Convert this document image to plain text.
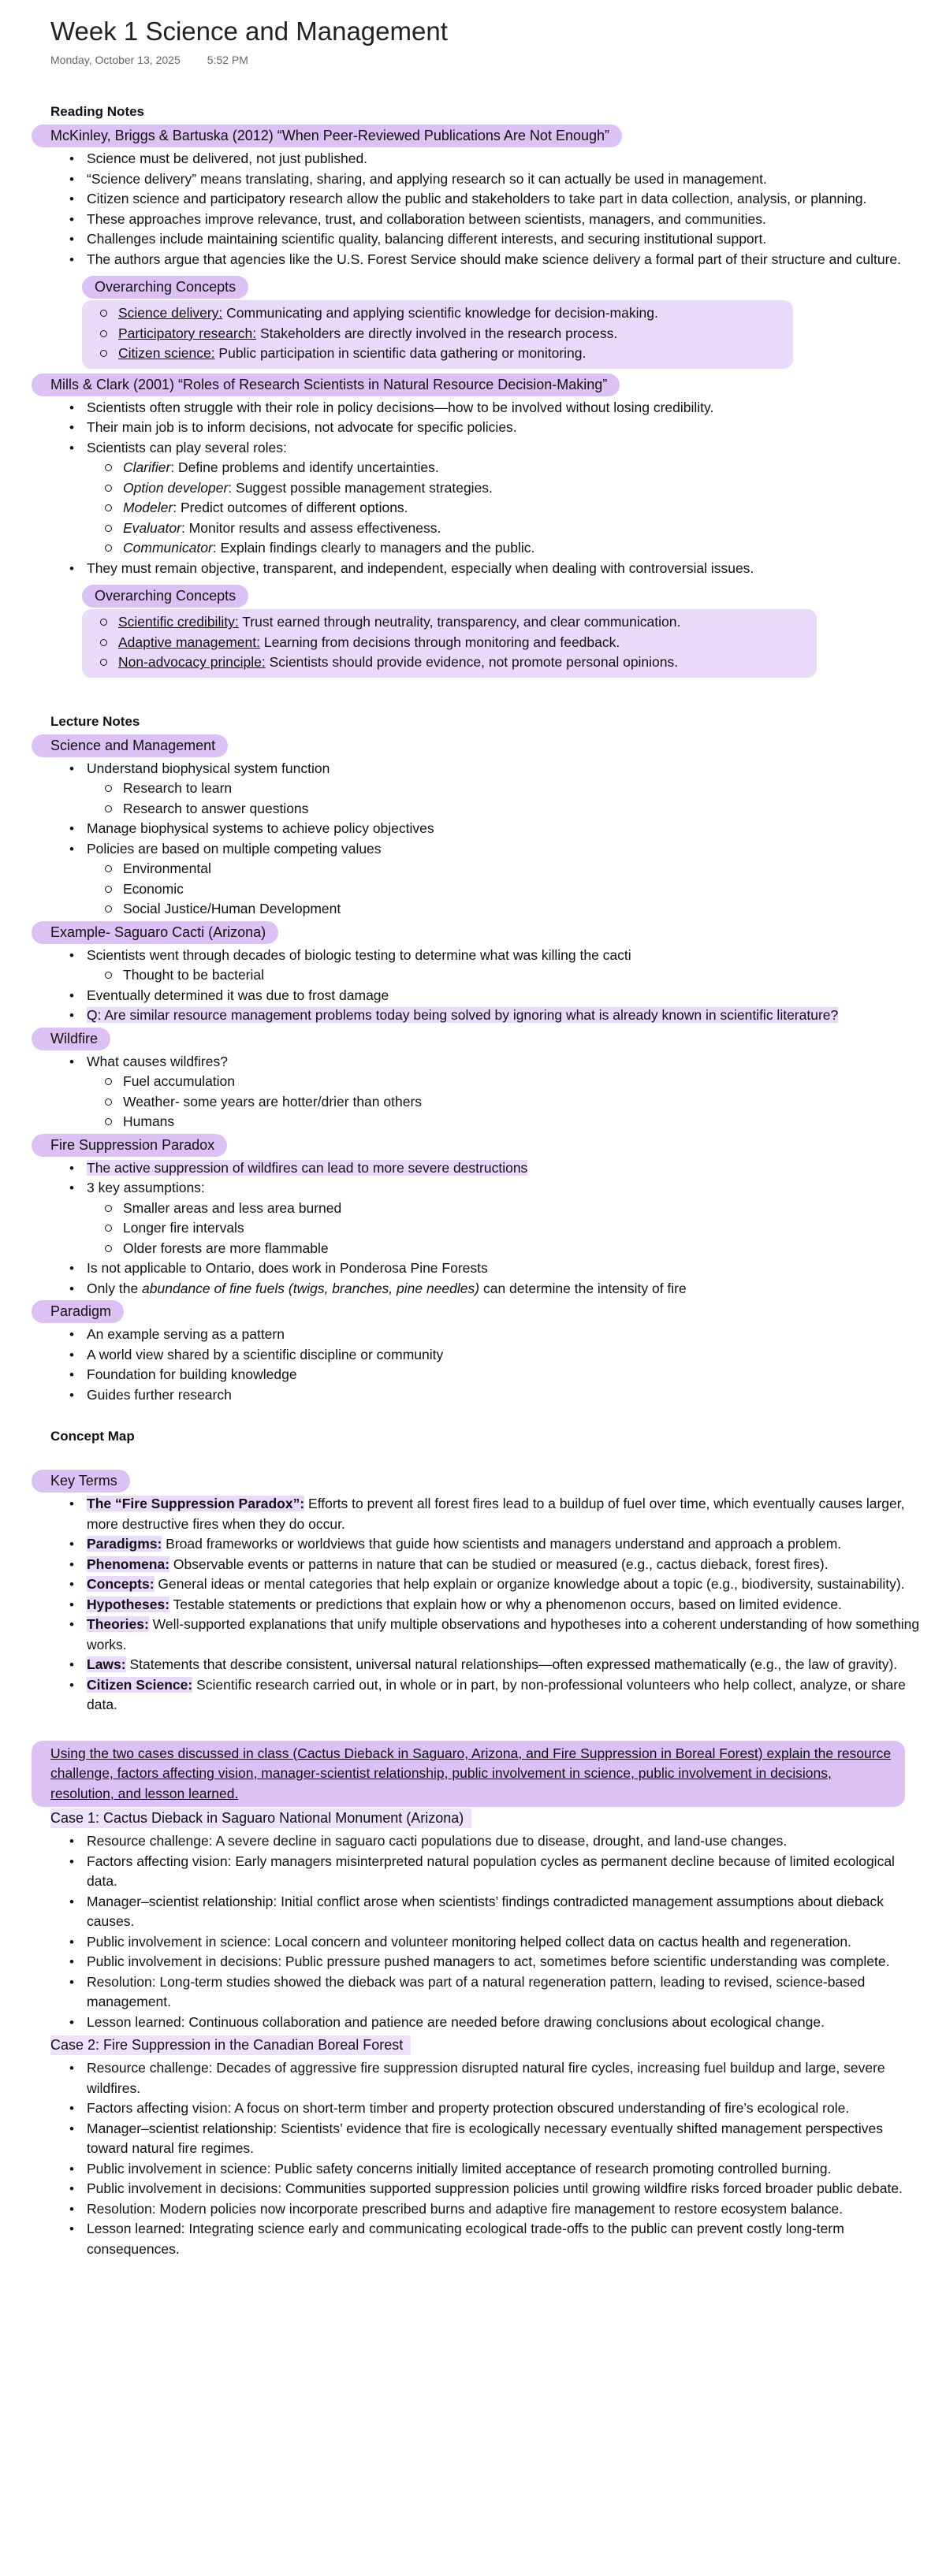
Week 1 Science and Management
Monday, October 13, 2025 5:52 PM
Reading Notes
McKinley, Briggs & Bartuska (2012) “When Peer-Reviewed Publications Are Not Enough”
• Science must be delivered, not just published.
• “Science delivery” means translating, sharing, and applying research so it can actually be used in management.
• Citizen science and participatory research allow the public and stakeholders to take part in data collection, analysis, or planning.
• These approaches improve relevance, trust, and collaboration between scientists, managers, and communities.
• Challenges include maintaining scientific quality, balancing different interests, and securing institutional support.
• The authors argue that agencies like the U.S. Forest Service should make science delivery a formal part of their structure and culture.
Overarching Concepts
Science delivery: Communicating and applying scientific knowledge for decision-making.
Participatory research: Stakeholders are directly involved in the research process.
Citizen science: Public participation in scientific data gathering or monitoring.
Mills & Clark (2001) “Roles of Research Scientists in Natural Resource Decision-Making”
• Scientists often struggle with their role in policy decisions—how to be involved without losing credibility.
• Their main job is to inform decisions, not advocate for specific policies.
• Scientists can play several roles:
Clarifier: Define problems and identify uncertainties.
Option developer: Suggest possible management strategies.
Modeler: Predict outcomes of different options.
Evaluator: Monitor results and assess effectiveness.
Communicator: Explain findings clearly to managers and the public.
• They must remain objective, transparent, and independent, especially when dealing with controversial issues.
Overarching Concepts
Scientific credibility: Trust earned through neutrality, transparency, and clear communication.
Adaptive management: Learning from decisions through monitoring and feedback.
Non-advocacy principle: Scientists should provide evidence, not promote personal opinions.
Lecture Notes
Science and Management
• Understand biophysical system function
Research to learn
Research to answer questions
• Manage biophysical systems to achieve policy objectives
• Policies are based on multiple competing values
Environmental
Economic
Social Justice/Human Development
Example- Saguaro Cacti (Arizona)
• Scientists went through decades of biologic testing to determine what was killing the cacti
Thought to be bacterial
• Eventually determined it was due to frost damage
• Q: Are similar resource management problems today being solved by ignoring what is already known in scientific literature?
Wildfire
• What causes wildfires?
Fuel accumulation
Weather- some years are hotter/drier than others
Humans
Fire Suppression Paradox
• The active suppression of wildfires can lead to more severe destructions
• 3 key assumptions:
Smaller areas and less area burned
Longer fire intervals
Older forests are more flammable
• Is not applicable to Ontario, does work in Ponderosa Pine Forests
• Only the abundance of fine fuels (twigs, branches, pine needles) can determine the intensity of fire
Paradigm
• An example serving as a pattern
• A world view shared by a scientific discipline or community
• Foundation for building knowledge
• Guides further research
Concept Map
Key Terms
• The “Fire Suppression Paradox”: Efforts to prevent all forest fires lead to a buildup of fuel over time, which eventually causes larger, more destructive fires when they do occur.
• Paradigms: Broad frameworks or worldviews that guide how scientists and managers understand and approach a problem.
• Phenomena: Observable events or patterns in nature that can be studied or measured (e.g., cactus dieback, forest fires).
• Concepts: General ideas or mental categories that help explain or organize knowledge about a topic (e.g., biodiversity, sustainability).
• Hypotheses: Testable statements or predictions that explain how or why a phenomenon occurs, based on limited evidence.
• Theories: Well-supported explanations that unify multiple observations and hypotheses into a coherent understanding of how something works.
• Laws: Statements that describe consistent, universal natural relationships—often expressed mathematically (e.g., the law of gravity).
• Citizen Science: Scientific research carried out, in whole or in part, by non-professional volunteers who help collect, analyze, or share data.
Using the two cases discussed in class (Cactus Dieback in Saguaro, Arizona, and Fire Suppression in Boreal Forest) explain the resource challenge, factors affecting vision, manager-scientist relationship, public involvement in science, public involvement in decisions, resolution, and lesson learned.
Case 1: Cactus Dieback in Saguaro National Monument (Arizona)
• Resource challenge: A severe decline in saguaro cacti populations due to disease, drought, and land-use changes.
• Factors affecting vision: Early managers misinterpreted natural population cycles as permanent decline because of limited ecological data.
• Manager–scientist relationship: Initial conflict arose when scientists’ findings contradicted management assumptions about dieback causes.
• Public involvement in science: Local concern and volunteer monitoring helped collect data on cactus health and regeneration.
• Public involvement in decisions: Public pressure pushed managers to act, sometimes before scientific understanding was complete.
• Resolution: Long-term studies showed the dieback was part of a natural regeneration pattern, leading to revised, science-based management.
• Lesson learned: Continuous collaboration and patience are needed before drawing conclusions about ecological change.
Case 2: Fire Suppression in the Canadian Boreal Forest
• Resource challenge: Decades of aggressive fire suppression disrupted natural fire cycles, increasing fuel buildup and large, severe wildfires.
• Factors affecting vision: A focus on short-term timber and property protection obscured understanding of fire’s ecological role.
• Manager–scientist relationship: Scientists’ evidence that fire is ecologically necessary eventually shifted management perspectives toward natural fire regimes.
• Public involvement in science: Public safety concerns initially limited acceptance of research promoting controlled burning.
• Public involvement in decisions: Communities supported suppression policies until growing wildfire risks forced broader public debate.
• Resolution: Modern policies now incorporate prescribed burns and adaptive fire management to restore ecosystem balance.
• Lesson learned: Integrating science early and communicating ecological trade-offs to the public can prevent costly long-term consequences.
